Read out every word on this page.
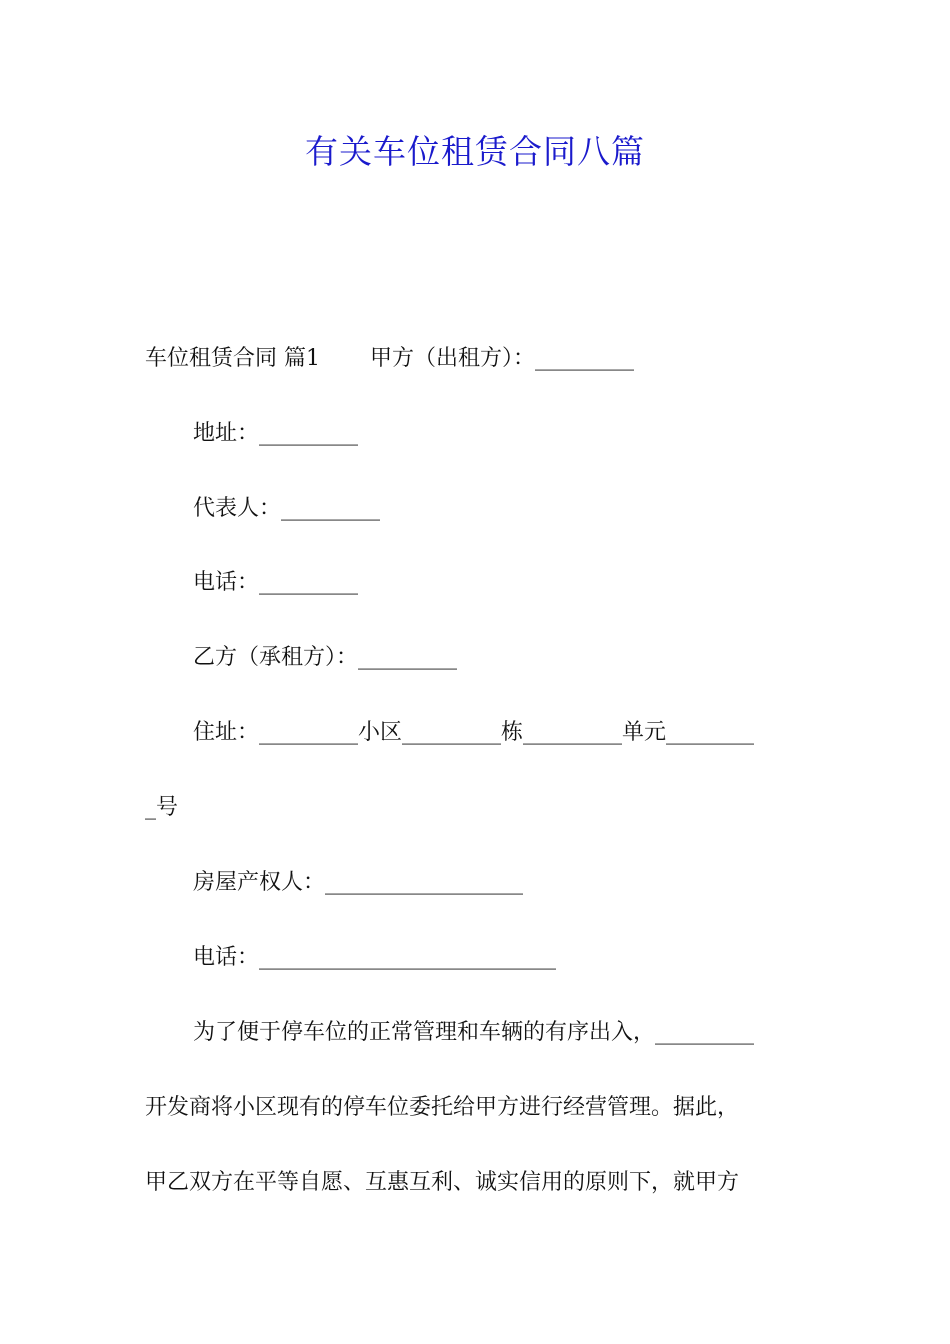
有关车位租赁合同八篇
车位租赁合同 篇1 甲方（出租方）：_________
地址：_________
代表人：_________
电话：_________
乙方（承租方）：_________
住址：_________小区_________栋_________单元________
_号
房屋产权人：__________________
电话：___________________________
为了便于停车位的正常管理和车辆的有序出入，_________
开发商将小区现有的停车位委托给甲方进行经营管理。据此，
甲乙双方在平等自愿、互惠互利、诚实信用的原则下，就甲方
